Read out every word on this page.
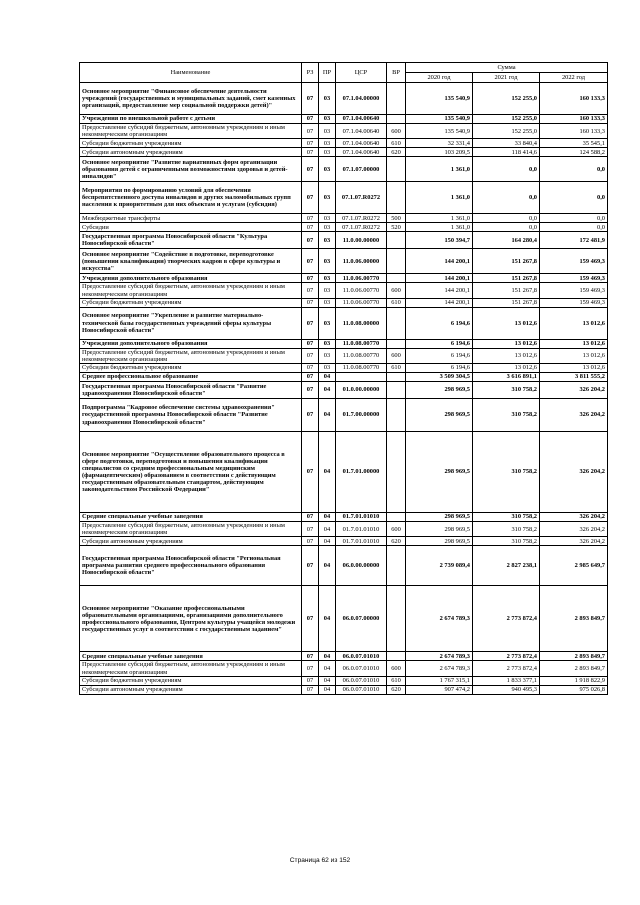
Наименование	РЗ	ПР	ЦСР	ВР	Сумма		
					2020 год	2021 год	2022 год
Основное мероприятие "Финансовое обеспечение деятельности учреждений (государственных и муниципальных заданий, смет казенных организаций, предоставление мер социальной поддержки детей)"	07	03	07.1.04.00000		135 540,9	152 255,0	160 133,3
Учреждения по внешкольной работе с детьми	07	03	07.1.04.00640		135 540,9	152 255,0	160 133,3
Предоставление субсидий бюджетным, автономным учреждениям и иным некоммерческим организациям	07	03	07.1.04.00640	600	135 540,9	152 255,0	160 133,3
Субсидии бюджетным учреждениям	07	03	07.1.04.00640	610	32 331,4	33 840,4	35 545,1
Субсидии автономным учреждениям	07	03	07.1.04.00640	620	103 209,5	118 414,6	124 588,2
Основное мероприятие "Развитие вариативных форм организации образования детей с ограниченными возможностями здоровья и детей-инвалидов"	07	03	07.1.07.00000		1 361,0	0,0	0,0
Мероприятия по формированию условий для обеспечения беспрепятственного доступа инвалидов и других маломобильных групп населения к приоритетным для них объектам и услугам (субсидия)	07	03	07.1.07.R0272		1 361,0	0,0	0,0
Межбюджетные трансферты	07	03	07.1.07.R0272	500	1 361,0	0,0	0,0
Субсидии	07	03	07.1.07.R0272	520	1 361,0	0,0	0,0
Государственная программа Новосибирской области "Культура Новосибирской области"	07	03	11.0.00.00000		150 394,7	164 280,4	172 481,9
Основное мероприятие "Содействие в подготовке, переподготовке (повышении квалификации) творческих кадров в сфере культуры и искусства"	07	03	11.0.06.00000		144 200,1	151 267,8	159 469,3
Учреждения дополнительного образования	07	03	11.0.06.00770		144 200,1	151 267,8	159 469,3
Предоставление субсидий бюджетным, автономным учреждениям и иным некоммерческим организациям	07	03	11.0.06.00770	600	144 200,1	151 267,8	159 469,3
Субсидии бюджетным учреждениям	07	03	11.0.06.00770	610	144 200,1	151 267,8	159 469,3
Основное мероприятие "Укрепление и развитие материально-технической базы государственных учреждений сферы культуры Новосибирской области"	07	03	11.0.08.00000		6 194,6	13 012,6	13 012,6
Учреждения дополнительного образования	07	03	11.0.08.00770		6 194,6	13 012,6	13 012,6
Предоставление субсидий бюджетным, автономным учреждениям и иным некоммерческим организациям	07	03	11.0.08.00770	600	6 194,6	13 012,6	13 012,6
Субсидии бюджетным учреждениям	07	03	11.0.08.00770	610	6 194,6	13 012,6	13 012,6
Среднее профессиональное образование	07	04			3 509 304,5	3 616 891,1	3 811 555,2
Государственная программа Новосибирской области "Развитие здравоохранения Новосибирской области"	07	04	01.0.00.00000		298 969,5	310 758,2	326 204,2
Подпрограмма "Кадровое обеспечение системы здравоохранения" государственной программы Новосибирской области "Развитие здравоохранения Новосибирской области"	07	04	01.7.00.00000		298 969,5	310 758,2	326 204,2
Основное мероприятие "Осуществление образовательного процесса в сфере подготовки, переподготовки и повышения квалификации специалистов со средним профессиональным медицинским (фармацевтическим) образованием в соответствии с действующим государственным образовательным стандартом, действующим законодательством Российской Федерации"	07	04	01.7.01.00000		298 969,5	310 758,2	326 204,2
Средние специальные учебные заведения	07	04	01.7.01.01010		298 969,5	310 758,2	326 204,2
Предоставление субсидий бюджетным, автономным учреждениям и иным некоммерческим организациям	07	04	01.7.01.01010	600	298 969,5	310 758,2	326 204,2
Субсидии автономным учреждениям	07	04	01.7.01.01010	620	298 969,5	310 758,2	326 204,2
Государственная программа Новосибирской области "Региональная программа развития среднего профессионального образования Новосибирской области"	07	04	06.0.00.00000		2 739 089,4	2 827 238,1	2 985 649,7
Основное мероприятие "Оказание профессиональными образовательными организациями, организациями дополнительного профессионального образования, Центром культуры учащейся молодежи государственных услуг в соответствии с государственным заданием"	07	04	06.0.07.00000		2 674 789,3	2 773 872,4	2 893 849,7
Средние специальные учебные заведения	07	04	06.0.07.01010		2 674 789,3	2 773 872,4	2 893 849,7
Предоставление субсидий бюджетным, автономным учреждениям и иным некоммерческим организациям	07	04	06.0.07.01010	600	2 674 789,3	2 773 872,4	2 893 849,7
Субсидии бюджетным учреждениям	07	04	06.0.07.01010	610	1 767 315,1	1 833 377,1	1 918 822,9
Субсидии автономным учреждениям	07	04	06.0.07.01010	620	907 474,2	940 495,3	975 026,8
Страница 62 из 152
